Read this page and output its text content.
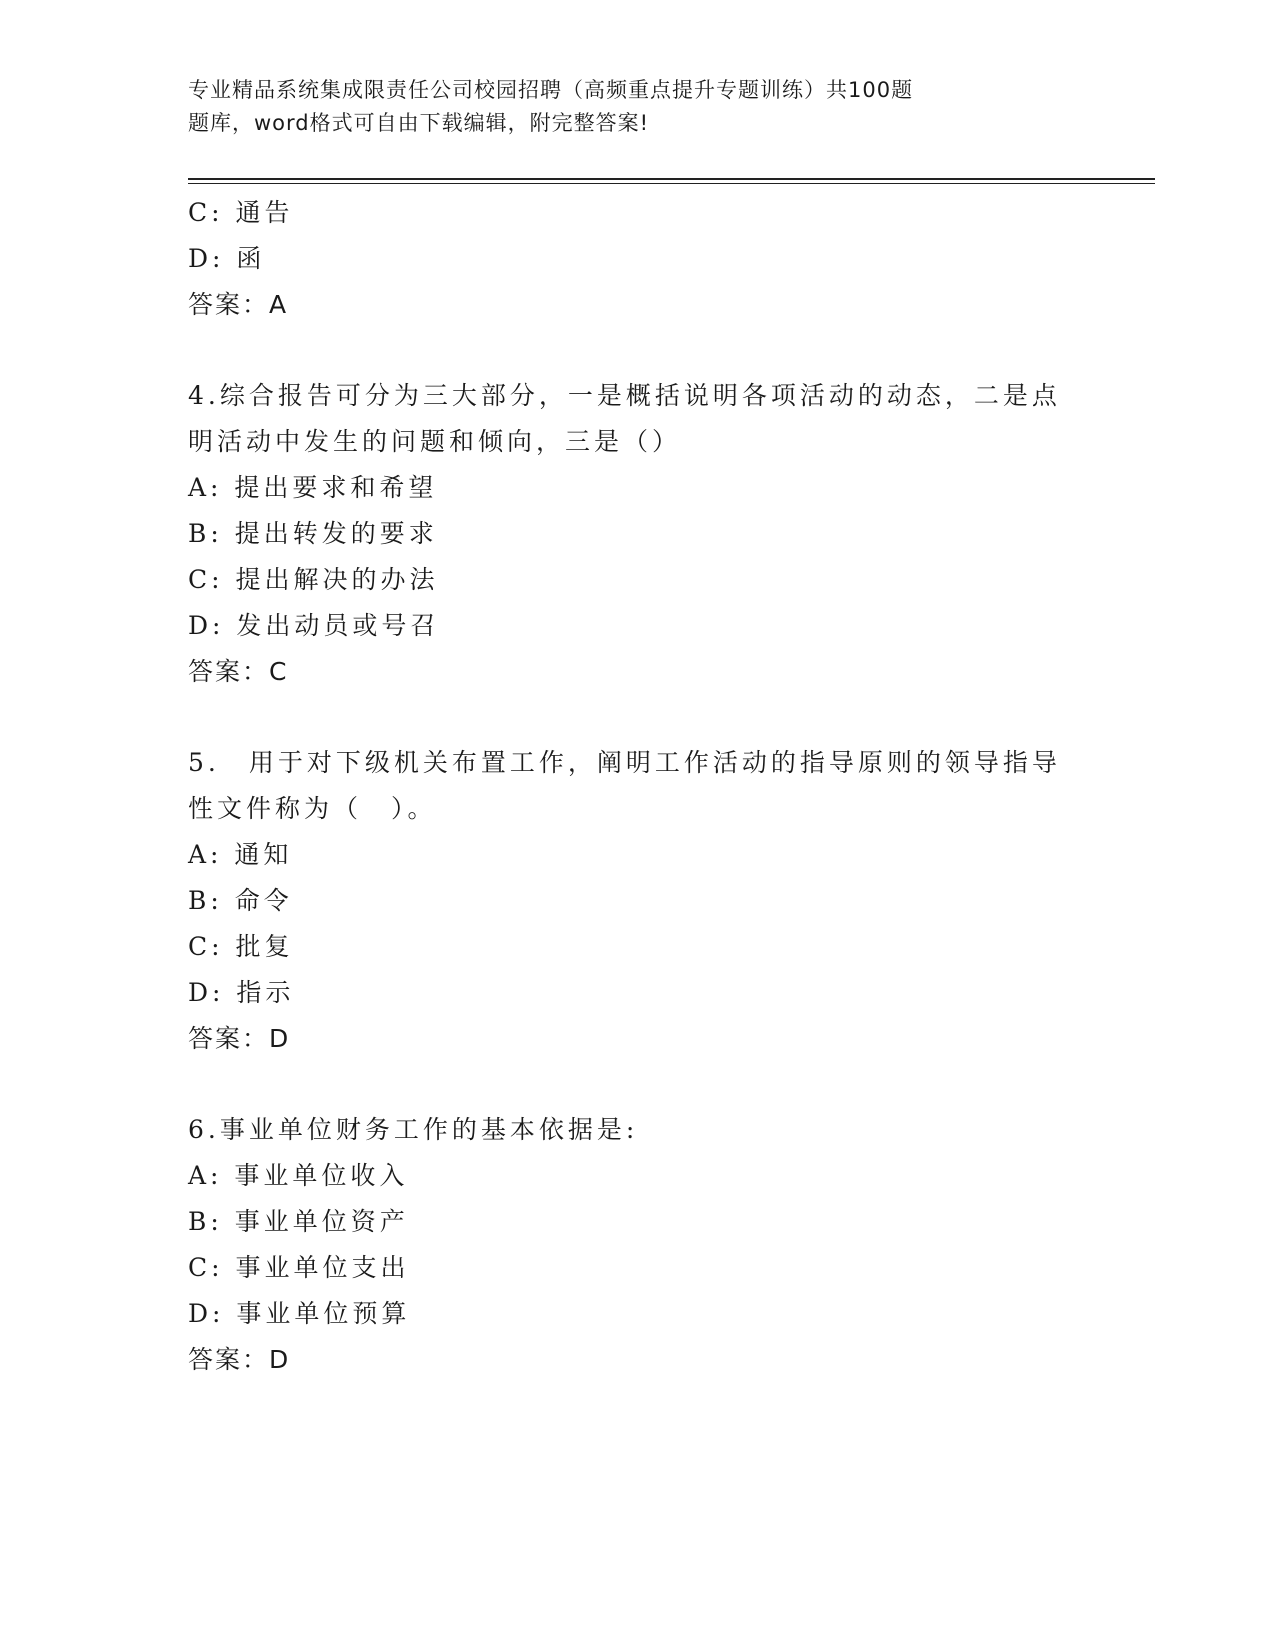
专业精品系统集成限责任公司校园招聘（高频重点提升专题训练）共100题
题库，word格式可自由下载编辑，附完整答案!
C: 通告
D: 函
答案：A
4.综合报告可分为三大部分，一是概括说明各项活动的动态，二是点
明活动中发生的问题和倾向，三是（）
A: 提出要求和希望
B: 提出转发的要求
C: 提出解决的办法
D: 发出动员或号召
答案：C
5.　用于对下级机关布置工作，阐明工作活动的指导原则的领导指导
性文件称为（　）。
A: 通知
B: 命令
C: 批复
D: 指示
答案：D
6.事业单位财务工作的基本依据是:
A: 事业单位收入
B: 事业单位资产
C: 事业单位支出
D: 事业单位预算
答案：D
